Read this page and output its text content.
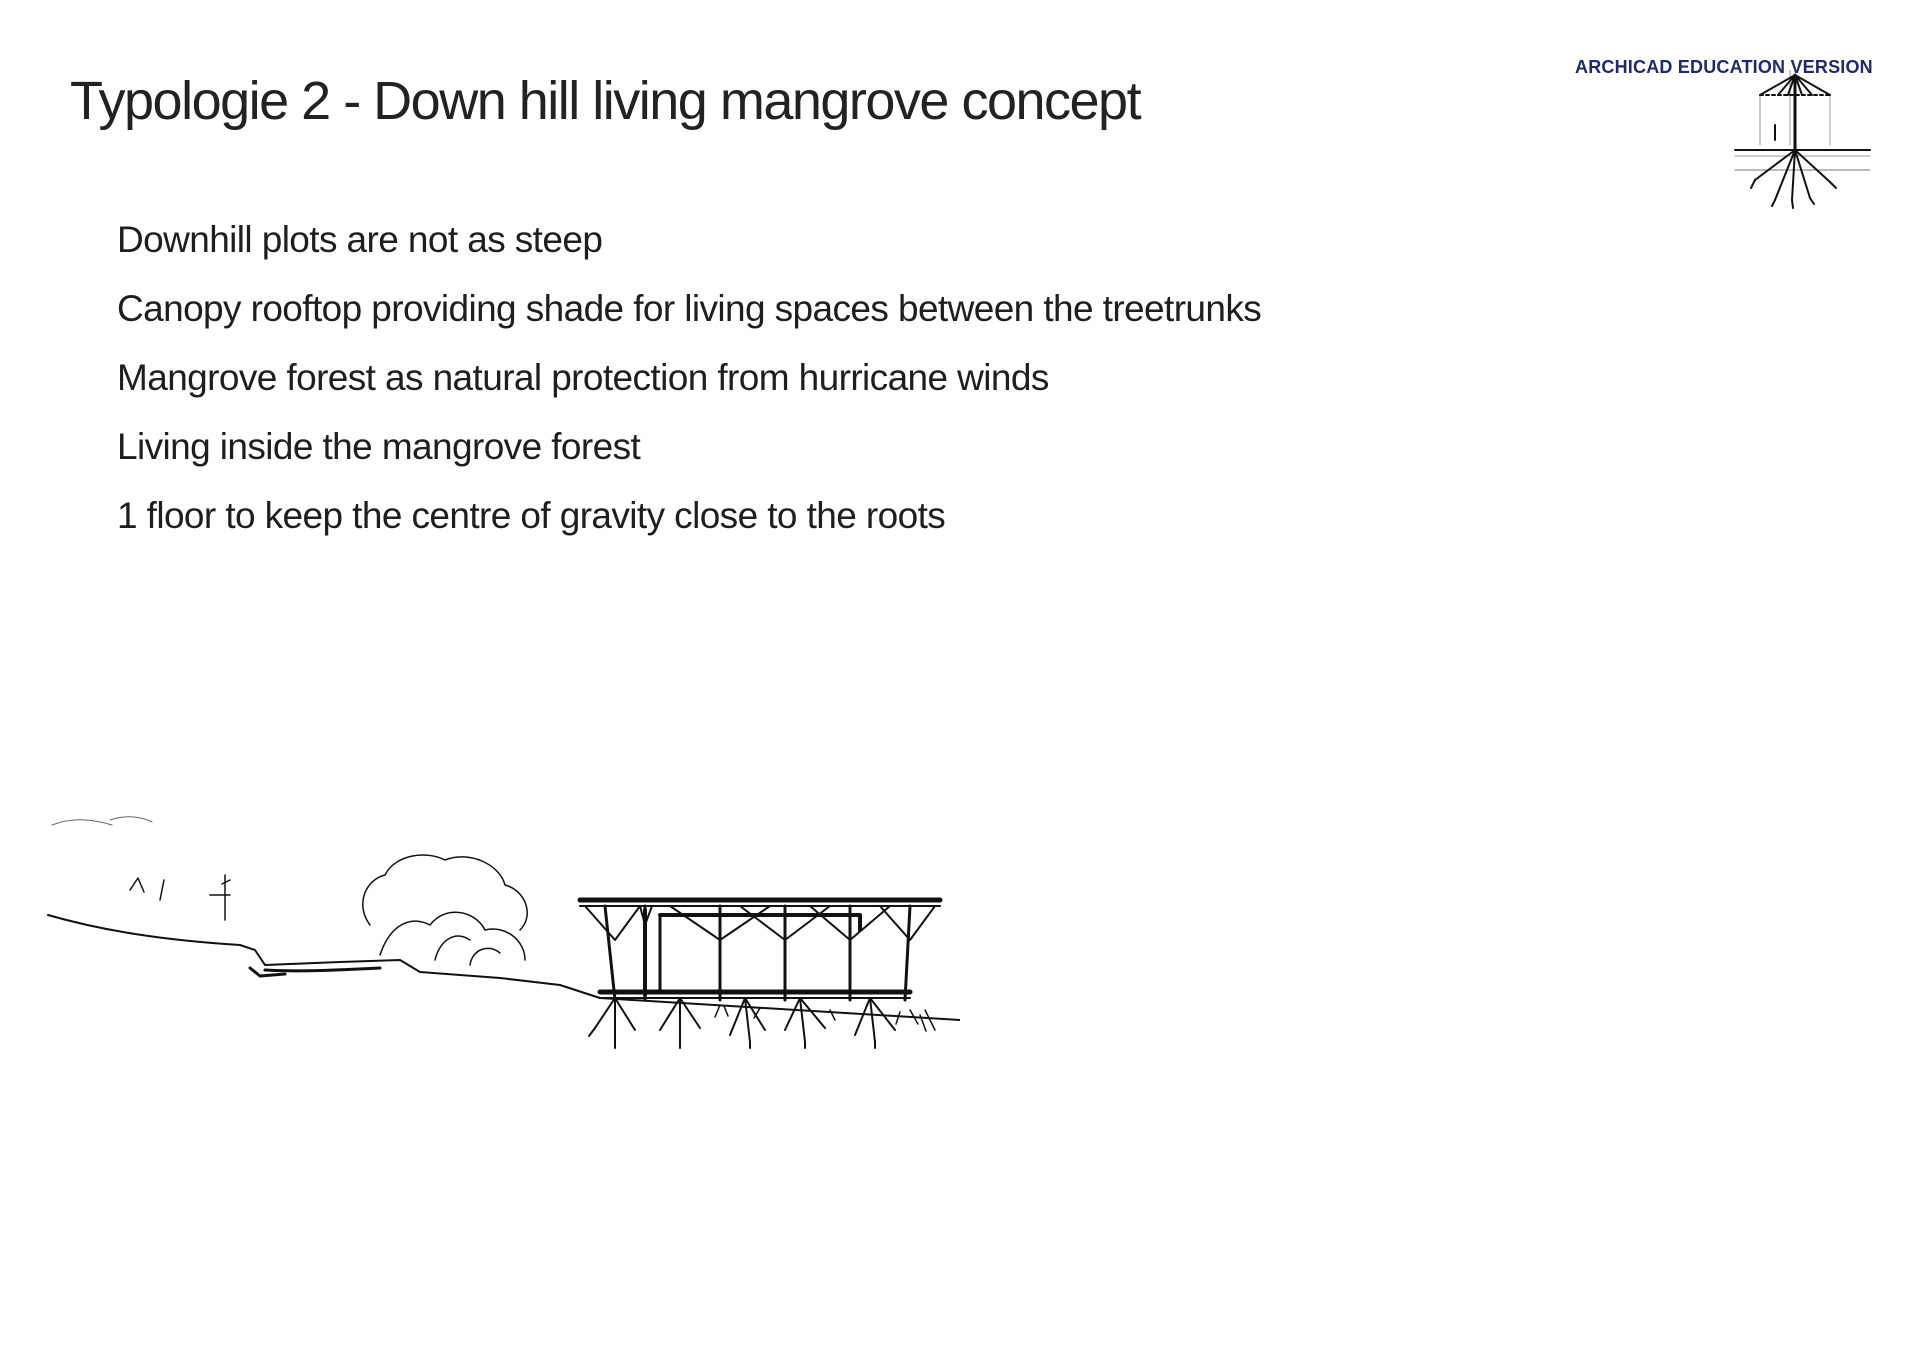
Typologie 2 - Down hill living mangrove concept
Downhill plots are not as steep
Canopy rooftop providing shade for living spaces between the treetrunks
Mangrove forest as natural protection from hurricane winds
Living inside the mangrove forest
1 floor to keep the centre of gravity close to the roots
ARCHICAD EDUCATION VERSION
